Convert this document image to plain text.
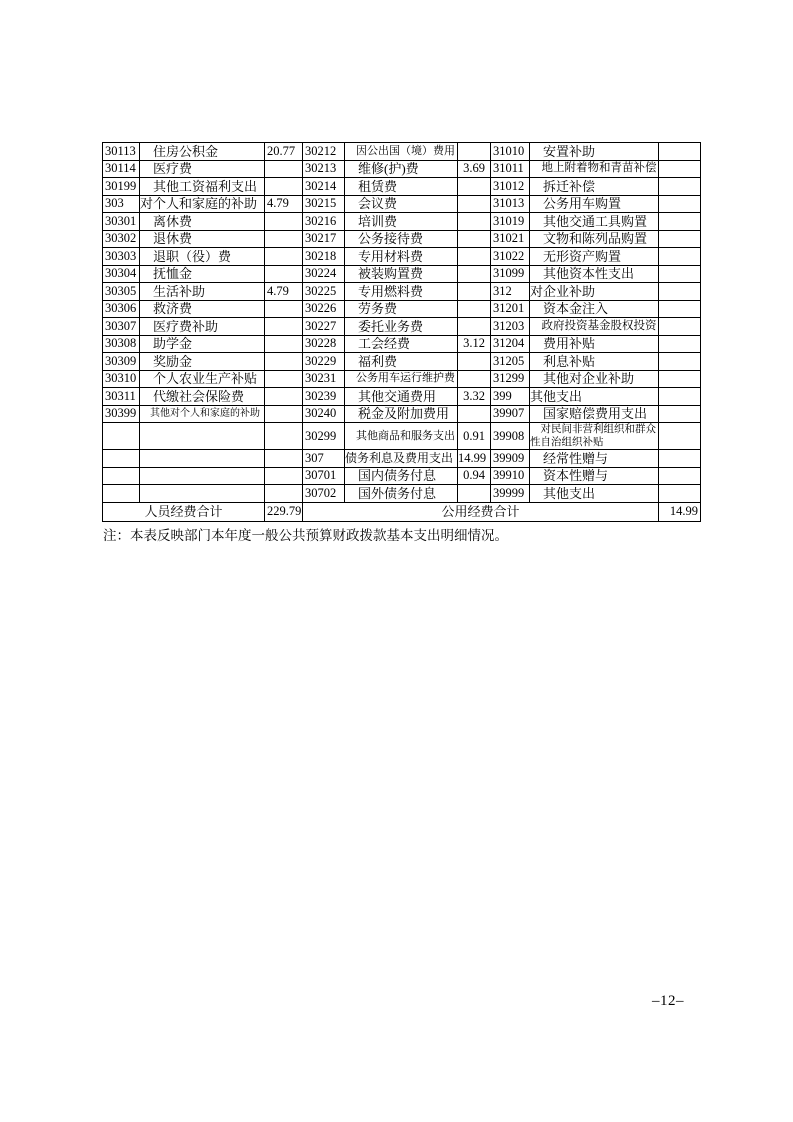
30113	住房公积金	20.77	30212	因公出国（境）费用		31010	安置补助	

30114	医疗费		30213	维修(护)费	3.69	31011	地上附着物和青苗补偿	

30199	其他工资福利支出		30214	租赁费		31012	拆迁补偿	

303	对个人和家庭的补助	4.79	30215	会议费		31013	公务用车购置	

30301	离休费		30216	培训费		31019	其他交通工具购置	

30302	退休费		30217	公务接待费		31021	文物和陈列品购置	

30303	退职（役）费		30218	专用材料费		31022	无形资产购置	

30304	抚恤金		30224	被装购置费		31099	其他资本性支出	

30305	生活补助	4.79	30225	专用燃料费		312	对企业补助	

30306	救济费		30226	劳务费		31201	资本金注入	

30307	医疗费补助		30227	委托业务费		31203	政府投资基金股权投资	

30308	助学金		30228	工会经费	3.12	31204	费用补贴	

30309	奖励金		30229	福利费		31205	利息补贴	

30310	个人农业生产补贴		30231	公务用车运行维护费		31299	其他对企业补助	

30311	代缴社会保险费		30239	其他交通费用	3.32	399	其他支出	

30399	其他对个人和家庭的补助		30240	税金及附加费用		39907	国家赔偿费用支出	

			30299	其他商品和服务支出	0.91	39908	对民间非营利组织和群众性自治组织补贴	

			307	债务利息及费用支出	14.99	39909	经常性赠与	

			30701	国内债务付息	0.94	39910	资本性赠与	

			30702	国外债务付息		39999	其他支出	

人员经费合计		229.79	公用经费合计					14.99
注：本表反映部门本年度一般公共预算财政拨款基本支出明细情况。
–12–
